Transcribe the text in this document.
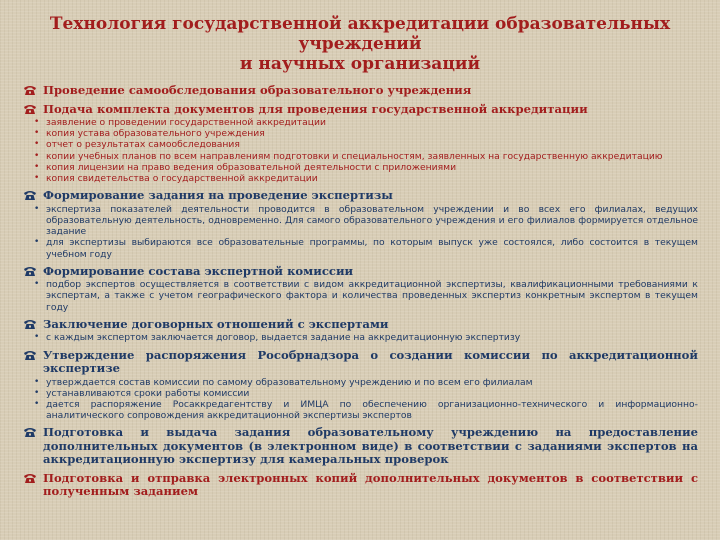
Технология государственной аккредитации образовательных учреждений
и научных организаций
Проведение самообследования образовательного учреждения
Подача комплекта документов для проведения государственной аккредитации
• заявление о проведении государственной аккредитации
• копия устава образовательного учреждения
• отчет о результатах самообследования
• копии учебных планов по всем направлениям подготовки и специальностям, заявленных на государственную аккредитацию
• копия лицензии на право ведения образовательной деятельности с приложениями
• копия свидетельства о государственной аккредитации
Формирование задания на проведение экспертизы
• экспертиза показателей деятельности проводится в образовательном учреждении и во всех его филиалах, ведущих образовательную деятельность, одновременно. Для самого образовательного учреждения и его филиалов формируется отдельное задание
• для экспертизы выбираются все образовательные программы, по которым выпуск уже состоялся, либо состоится в текущем учебном году
Формирование состава экспертной комиссии
• подбор экспертов осуществляется в соответствии с видом аккредитационной экспертизы, квалификационными требованиями к экспертам, а также с учетом географического фактора и количества проведенных экспертиз конкретным экспертом в текущем году
Заключение договорных отношений с экспертами
• с каждым экспертом заключается договор, выдается задание на аккредитационную экспертизу
Утверждение распоряжения Рособрнадзора о создании комиссии по аккредитационной экспертизе
• утверждается состав комиссии по самому образовательному учреждению и по всем его филиалам
• устанавливаются сроки работы комиссии
• дается распоряжение Росаккредагентству и ИМЦА по обеспечению организационно-технического и информационно-аналитического сопровождения аккредитационной экспертизы экспертов
Подготовка и выдача задания образовательному учреждению на предоставление дополнительных документов (в электронном виде) в соответствии с заданиями экспертов на аккредитационную экспертизу для камеральных проверок
Подготовка и отправка электронных копий дополнительных документов в соответствии с полученным заданием
